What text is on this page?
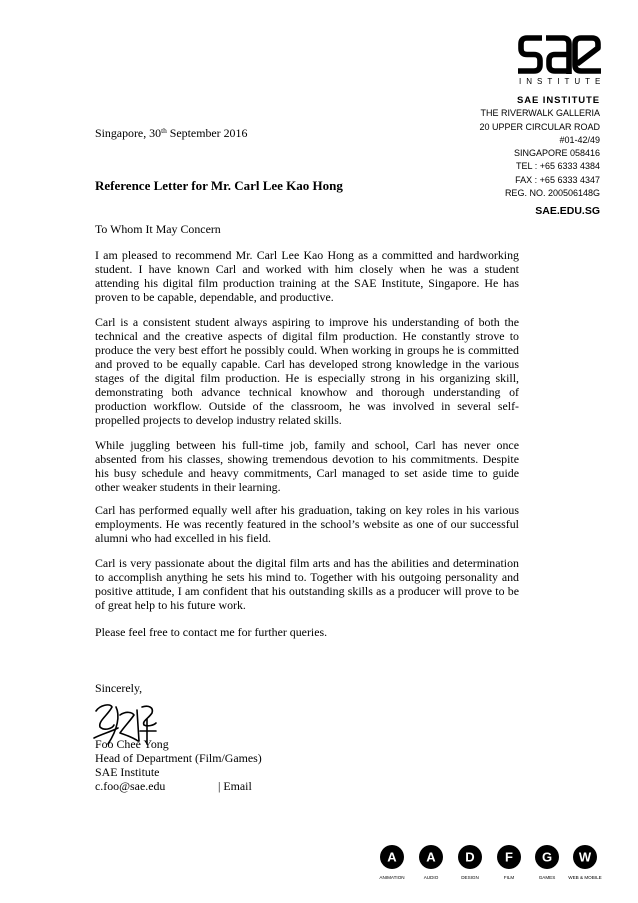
INSTITUTE
SAE INSTITUTE
THE RIVERWALK GALLERIA
20 UPPER CIRCULAR ROAD
#01-42/49
SINGAPORE 058416
TEL : +65 6333 4384
FAX : +65 6333 4347
REG. NO. 200506148G
SAE.EDU.SG
Singapore, 30th September 2016
Reference Letter for Mr. Carl Lee Kao Hong
To Whom It May Concern
I am pleased to recommend Mr. Carl Lee Kao Hong as a committed and hardworking
student. I have known Carl and worked with him closely when he was a student
attending his digital film production training at the SAE Institute, Singapore. He has
proven to be capable, dependable, and productive.
Carl is a consistent student always aspiring to improve his understanding of both the
technical and the creative aspects of digital film production. He constantly strove to
produce the very best effort he possibly could. When working in groups he is committed
and proved to be equally capable. Carl has developed strong knowledge in the various
stages of the digital film production. He is especially strong in his organizing skill,
demonstrating both advance technical knowhow and thorough understanding of
production workflow. Outside of the classroom, he was involved in several self-
propelled projects to develop industry related skills.
While juggling between his full-time job, family and school, Carl has never once
absented from his classes, showing tremendous devotion to his commitments. Despite
his busy schedule and heavy commitments, Carl managed to set aside time to guide
other weaker students in their learning.
Carl has performed equally well after his graduation, taking on key roles in his various
employments. He was recently featured in the school’s website as one of our successful
alumni who had excelled in his field.
Carl is very passionate about the digital film arts and has the abilities and determination
to accomplish anything he sets his mind to. Together with his outgoing personality and
positive attitude, I am confident that his outstanding skills as a producer will prove to be
of great help to his future work.
Please feel free to contact me for further queries.
Sincerely,
Foo Chee Yong
Head of Department (Film/Games)
SAE Institute
c.foo@sae.edu	| Email
A
ANIMATION
A
AUDIO
D
DESIGN
F
FILM
G
GAMES
W
WEB & MOBILE
